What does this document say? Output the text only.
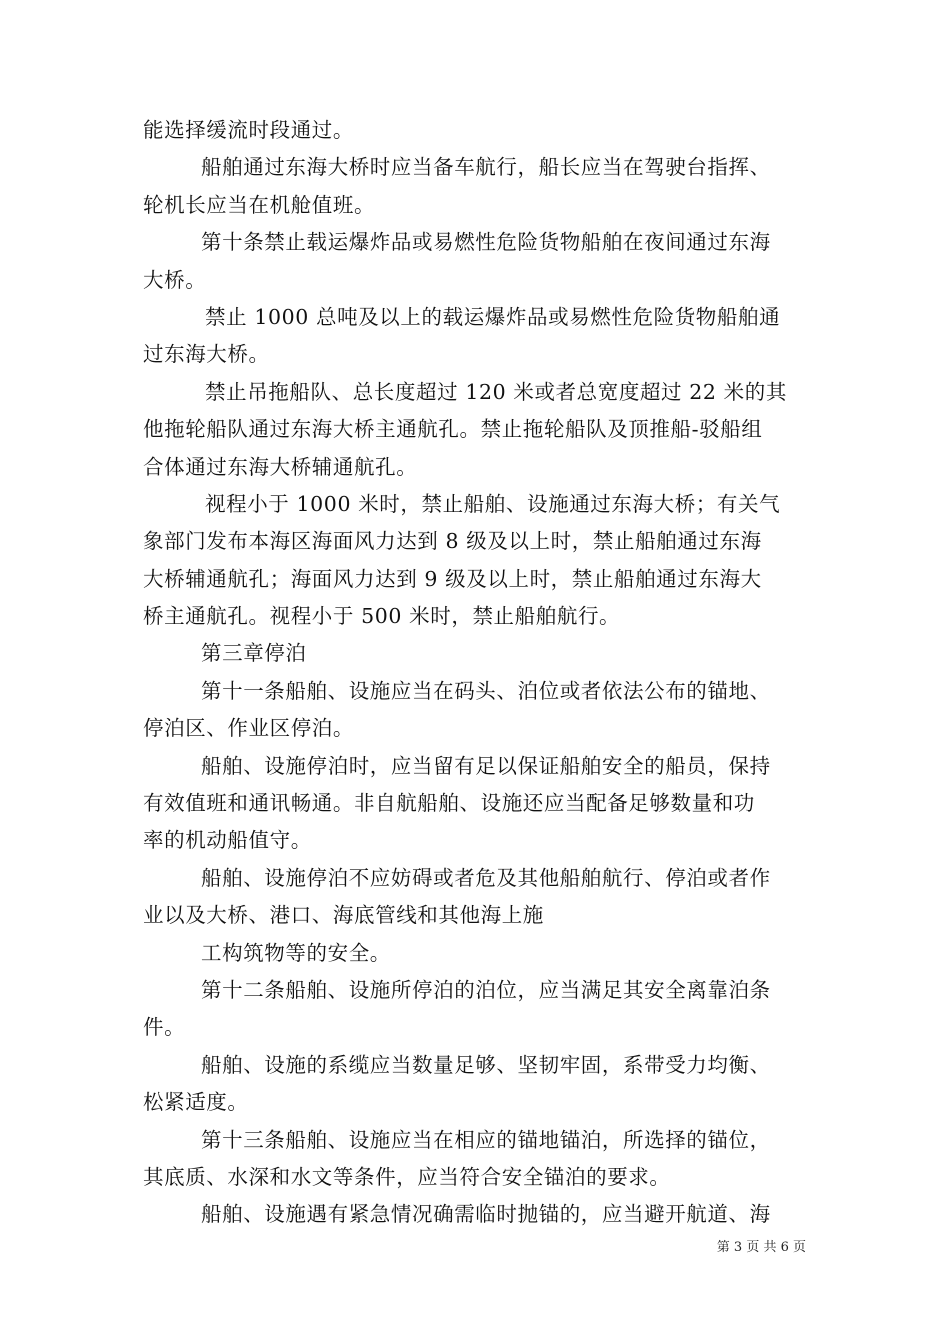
能选择缓流时段通过。
船舶通过东海大桥时应当备车航行，船长应当在驾驶台指挥、
轮机长应当在机舱值班。
第十条禁止载运爆炸品或易燃性危险货物船舶在夜间通过东海
大桥。
禁止 1000 总吨及以上的载运爆炸品或易燃性危险货物船舶通
过东海大桥。
禁止吊拖船队、总长度超过 120 米或者总宽度超过 22 米的其
他拖轮船队通过东海大桥主通航孔。禁止拖轮船队及顶推船-驳船组
合体通过东海大桥辅通航孔。
视程小于 1000 米时，禁止船舶、设施通过东海大桥；有关气
象部门发布本海区海面风力达到 8 级及以上时，禁止船舶通过东海
大桥辅通航孔；海面风力达到 9 级及以上时，禁止船舶通过东海大
桥主通航孔。视程小于 500 米时，禁止船舶航行。
第三章停泊
第十一条船舶、设施应当在码头、泊位或者依法公布的锚地、
停泊区、作业区停泊。
船舶、设施停泊时，应当留有足以保证船舶安全的船员，保持
有效值班和通讯畅通。非自航船舶、设施还应当配备足够数量和功
率的机动船值守。
船舶、设施停泊不应妨碍或者危及其他船舶航行、停泊或者作
业以及大桥、港口、海底管线和其他海上施
工构筑物等的安全。
第十二条船舶、设施所停泊的泊位，应当满足其安全离靠泊条
件。
船舶、设施的系缆应当数量足够、坚韧牢固，系带受力均衡、
松紧适度。
第十三条船舶、设施应当在相应的锚地锚泊，所选择的锚位，
其底质、水深和水文等条件，应当符合安全锚泊的要求。
船舶、设施遇有紧急情况确需临时抛锚的，应当避开航道、海
第 3 页 共 6 页
